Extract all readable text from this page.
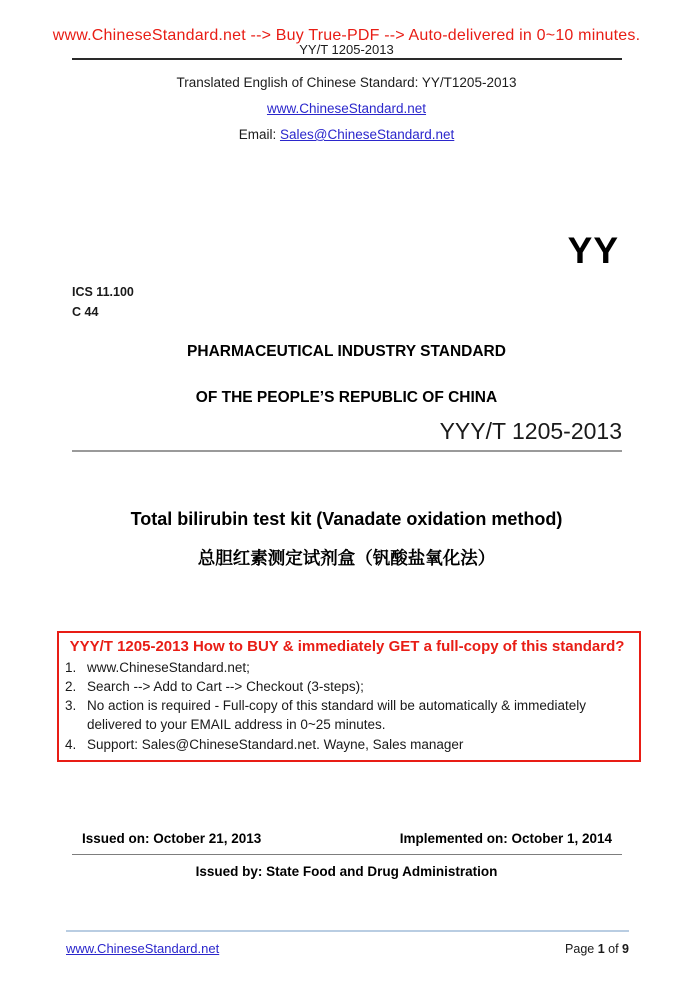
www.ChineseStandard.net --> Buy True-PDF --> Auto-delivered in 0~10 minutes.
YY/T 1205-2013
Translated English of Chinese Standard: YY/T1205-2013
www.ChineseStandard.net
Email: Sales@ChineseStandard.net
YY
ICS 11.100
C 44
PHARMACEUTICAL INDUSTRY STANDARD
OF THE PEOPLE’S REPUBLIC OF CHINA
YYY/T 1205-2013
Total bilirubin test kit (Vanadate oxidation method)
总胆红素测定试剂盒（钒酸盐氧化法）
YYY/T 1205-2013 How to BUY & immediately GET a full-copy of this standard?
1. www.ChineseStandard.net;
2. Search --> Add to Cart --> Checkout (3-steps);
3. No action is required - Full-copy of this standard will be automatically & immediately delivered to your EMAIL address in 0~25 minutes.
4. Support: Sales@ChineseStandard.net. Wayne, Sales manager
Issued on: October 21, 2013	Implemented on: October 1, 2014
Issued by: State Food and Drug Administration
www.ChineseStandard.net	Page 1 of 9
